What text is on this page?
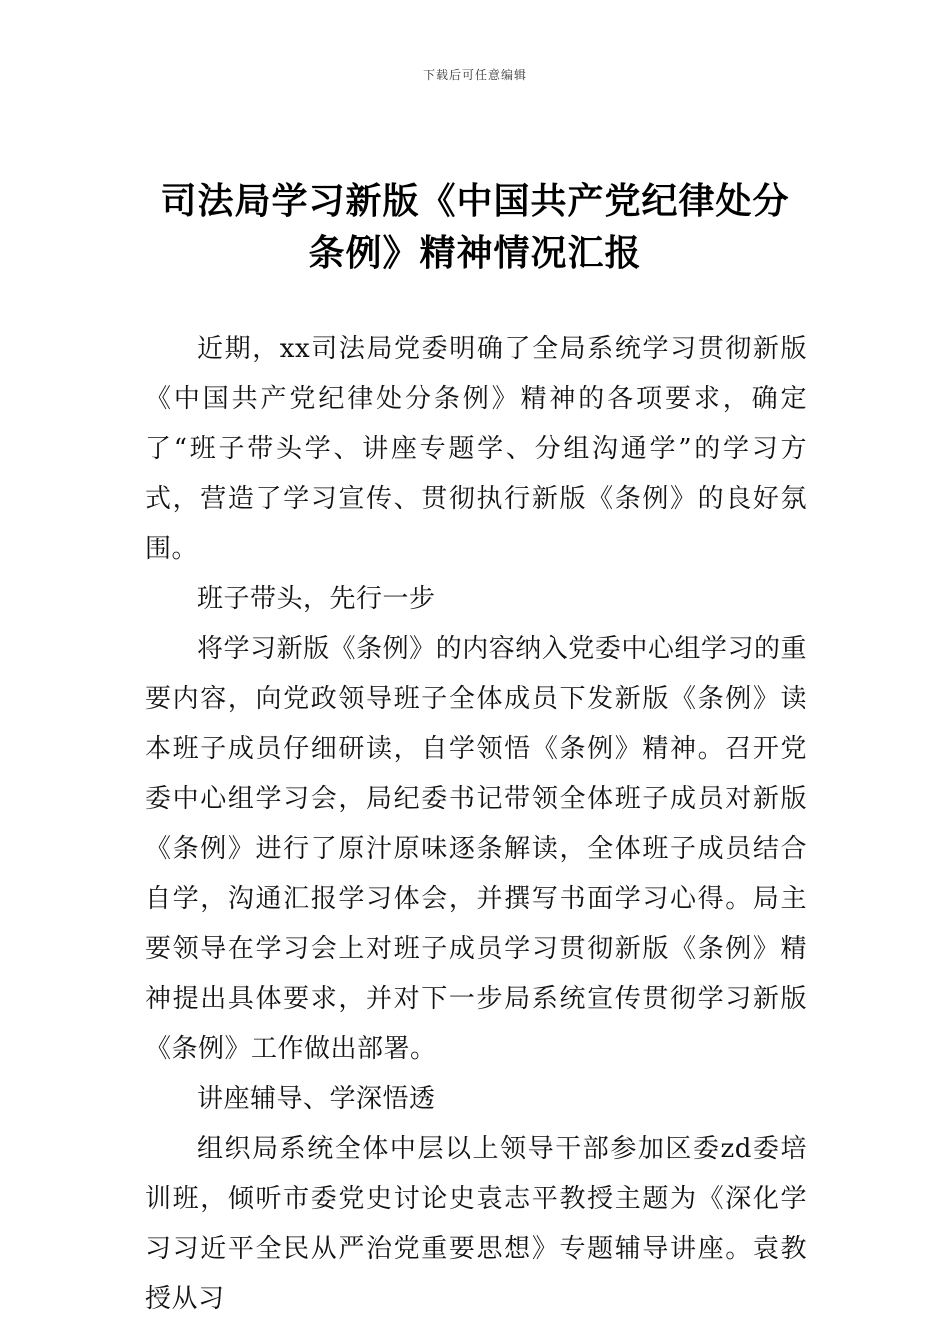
下载后可任意编辑
司法局学习新版《中国共产党纪律处分条例》精神情况汇报

近期，xx司法局党委明确了全局系统学习贯彻新版《中国共产党纪律处分条例》精神的各项要求，确定了“班子带头学、讲座专题学、分组沟通学”的学习方式，营造了学习宣传、贯彻执行新版《条例》的良好氛围。

班子带头，先行一步

将学习新版《条例》的内容纳入党委中心组学习的重要内容，向党政领导班子全体成员下发新版《条例》读本班子成员仔细研读，自学领悟《条例》精神。召开党委中心组学习会，局纪委书记带领全体班子成员对新版《条例》进行了原汁原味逐条解读，全体班子成员结合自学，沟通汇报学习体会，并撰写书面学习心得。局主要领导在学习会上对班子成员学习贯彻新版《条例》精神提出具体要求，并对下一步局系统宣传贯彻学习新版《条例》工作做出部署。

讲座辅导、学深悟透

组织局系统全体中层以上领导干部参加区委zd委培训班，倾听市委党史讨论史袁志平教授主题为《深化学习习近平全民从严治党重要思想》专题辅导讲座。袁教授从习
